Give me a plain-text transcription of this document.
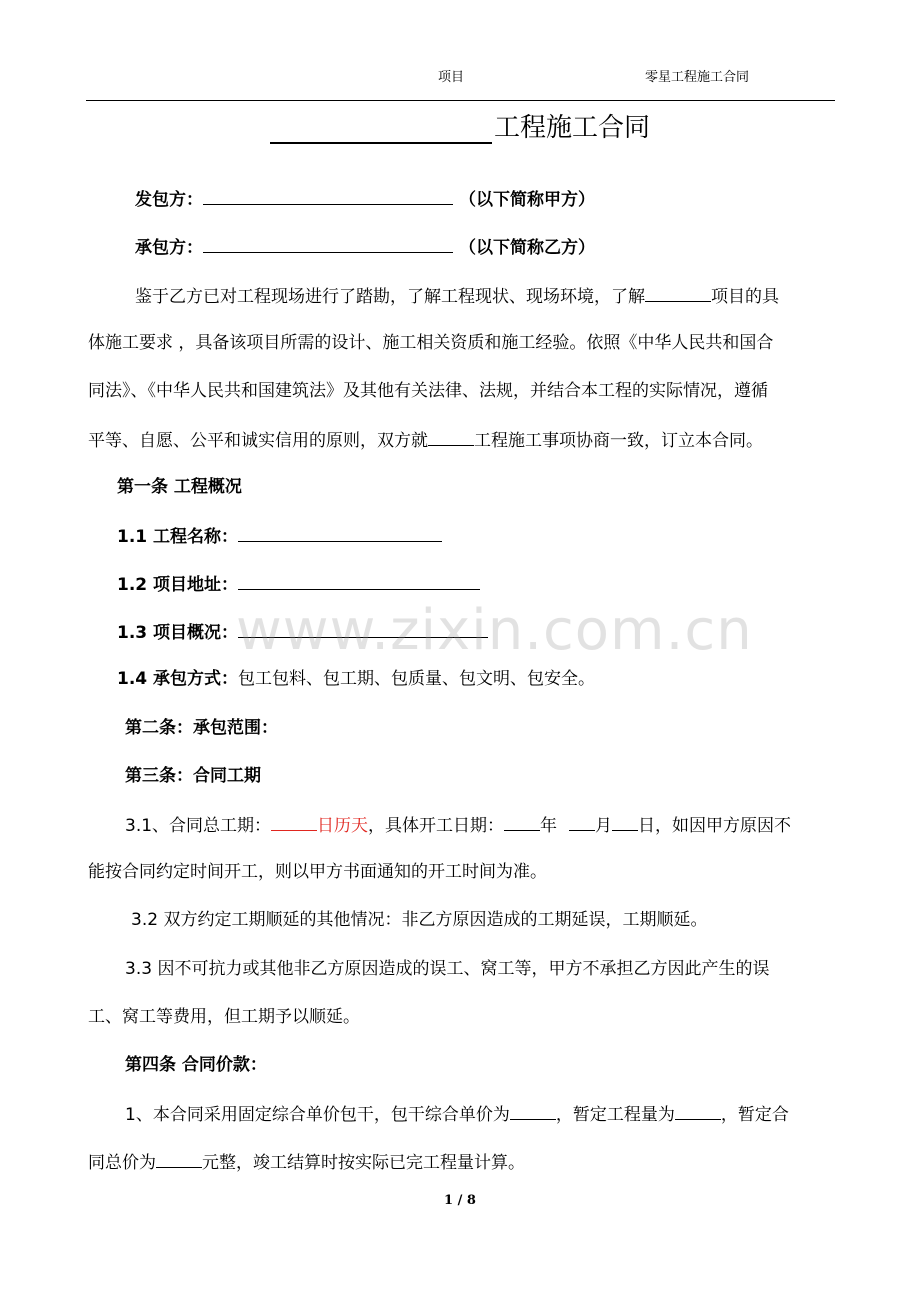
项目	零星工程施工合同
工程施工合同
发包方：	（以下简称甲方）
承包方：	（以下简称乙方）
鉴于乙方已对工程现场进行了踏勘，了解工程现状、现场环境，了解	项目的具
体施工要求 ，具备该项目所需的设计、施工相关资质和施工经验。依照《中华人民共和国合
同法》、《中华人民共和国建筑法》及其他有关法律、法规，并结合本工程的实际情况，遵循
平等、自愿、公平和诚实信用的原则，双方就	工程施工事项协商一致，订立本合同。
第一条 工程概况
1.1 工程名称：
1.2 项目地址：
1.3 项目概况：
1.4 承包方式：包工包料、包工期、包质量、包文明、包安全。
第二条：承包范围：
第三条：合同工期
3.1、合同总工期：	日历天，具体开工日期： 年 月 日，如因甲方原因不
能按合同约定时间开工，则以甲方书面通知的开工时间为准。
3.2 双方约定工期顺延的其他情况：非乙方原因造成的工期延误，工期顺延。
3.3 因不可抗力或其他非乙方原因造成的误工、窝工等，甲方不承担乙方因此产生的误
工、窝工等费用，但工期予以顺延。
第四条 合同价款：
1、本合同采用固定综合单价包干，包干综合单价为	，暂定工程量为	，暂定合
同总价为	元整，竣工结算时按实际已完工程量计算。
www.zixin.com.cn
1 / 8
